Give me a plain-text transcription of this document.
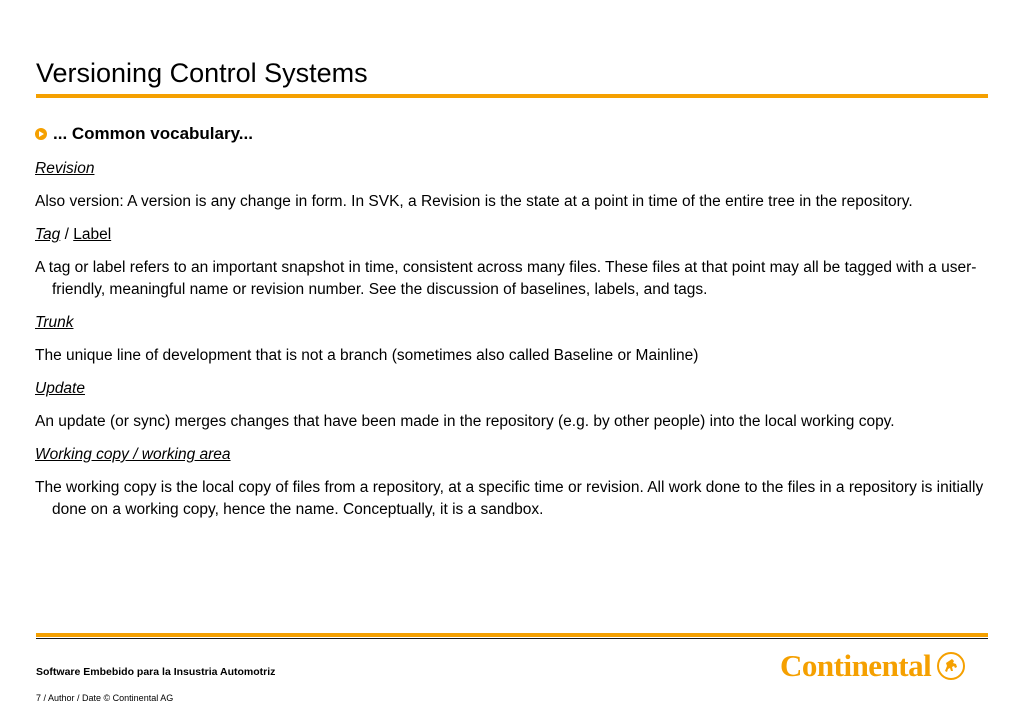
Versioning Control Systems
... Common vocabulary...

Revision

Also version: A version is any change in form. In SVK, a Revision is the state at a point in time of the entire tree in the repository.

Tag / Label

A tag or label refers to an important snapshot in time, consistent across many files. These files at that point may all be tagged with a user-friendly, meaningful name or revision number. See the discussion of baselines, labels, and tags.

Trunk

The unique line of development that is not a branch (sometimes also called Baseline or Mainline)

Update

An update (or sync) merges changes that have been made in the repository (e.g. by other people) into the local working copy.

Working copy / working area

The working copy is the local copy of files from a repository, at a specific time or revision. All work done to the files in a repository is initially done on a working copy, hence the name. Conceptually, it is a sandbox.

Software Embebido para la Insustria Automotriz
7 / Author / Date © Continental AG
Continental
